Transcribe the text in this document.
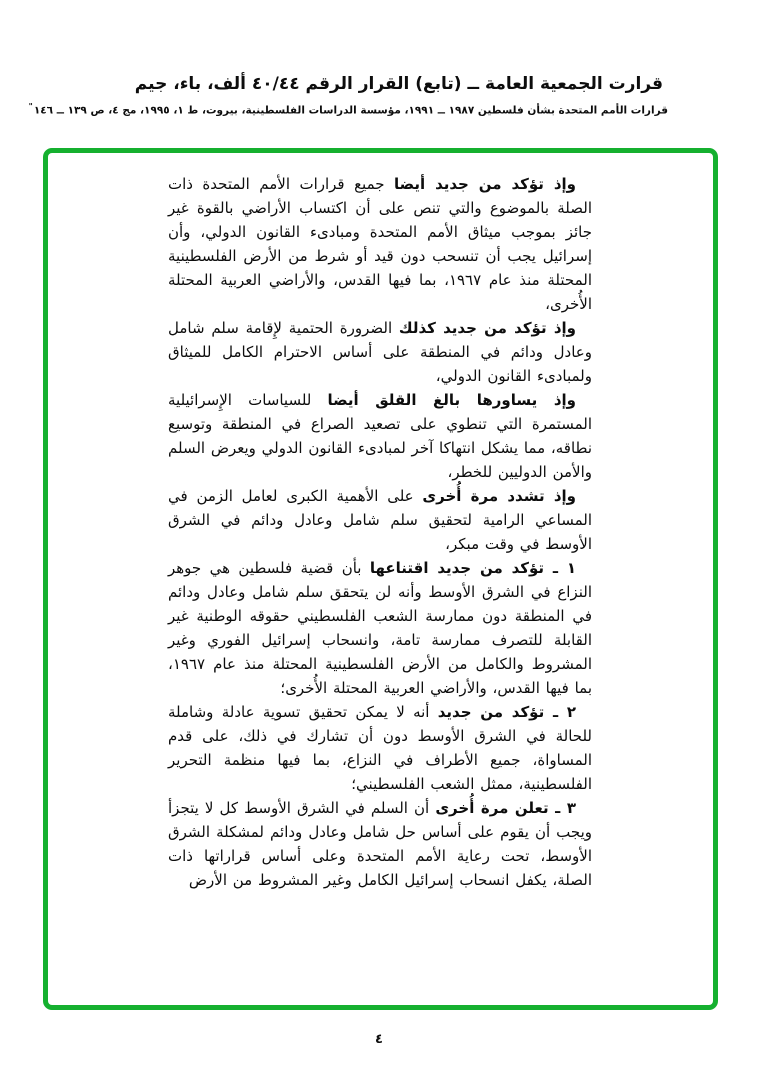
قرارت الجمعية العامة ــ (تابع) القرار الرقم ٤٠/٤٤ ألف، باء، جيم
قرارات الأمم المتحدة بشأن فلسطين ١٩٨٧ ــ ١٩٩١، مؤسسة الدراسات الفلسطينية، بيروت، ط ١، ١٩٩٥، مج ٤، ص ١٣٩ ــ ١٤٦"

وإذ تؤكد من جديد أيضا جميع قرارات الأمم المتحدة ذات الصلة بالموضوع والتي تنص على أن اكتساب الأراضي بالقوة غير جائز بموجب ميثاق الأمم المتحدة ومبادىء القانون الدولي، وأن إسرائيل يجب أن تنسحب دون قيد أو شرط من الأرض الفلسطينية المحتلة منذ عام ١٩٦٧، بما فيها القدس، والأراضي العربية المحتلة الأُخرى،

وإذ تؤكد من جديد كذلك الضرورة الحتمية لإِقامة سلم شامل وعادل ودائم في المنطقة على أساس الاحترام الكامل للميثاق ولمبادىء القانون الدولي،

وإذ يساورها بالغ القلق أيضا للسياسات الإِسرائيلية المستمرة التي تنطوي على تصعيد الصراع في المنطقة وتوسيع نطاقه، مما يشكل انتهاكا آخر لمبادىء القانون الدولي ويعرض السلم والأمن الدوليين للخطر،

وإذ تشدد مرة أُخرى على الأهمية الكبرى لعامل الزمن في المساعي الرامية لتحقيق سلم شامل وعادل ودائم في الشرق الأوسط في وقت مبكر،

١ ـ تؤكد من جديد اقتناعها بأن قضية فلسطين هي جوهر النزاع في الشرق الأوسط وأنه لن يتحقق سلم شامل وعادل ودائم في المنطقة دون ممارسة الشعب الفلسطيني حقوقه الوطنية غير القابلة للتصرف ممارسة تامة، وانسحاب إسرائيل الفوري وغير المشروط والكامل من الأرض الفلسطينية المحتلة منذ عام ١٩٦٧، بما فيها القدس، والأراضي العربية المحتلة الأُخرى؛

٢ ـ تؤكد من جديد أنه لا يمكن تحقيق تسوية عادلة وشاملة للحالة في الشرق الأوسط دون أن تشارك في ذلك، على قدم المساواة، جميع الأطراف في النزاع، بما فيها منظمة التحرير الفلسطينية، ممثل الشعب الفلسطيني؛

٣ ـ تعلن مرة أُخرى أن السلم في الشرق الأوسط كل لا يتجزأ ويجب أن يقوم على أساس حل شامل وعادل ودائم لمشكلة الشرق الأوسط، تحت رعاية الأمم المتحدة وعلى أساس قراراتها ذات الصلة، يكفل انسحاب إسرائيل الكامل وغير المشروط من الأرض

٤
